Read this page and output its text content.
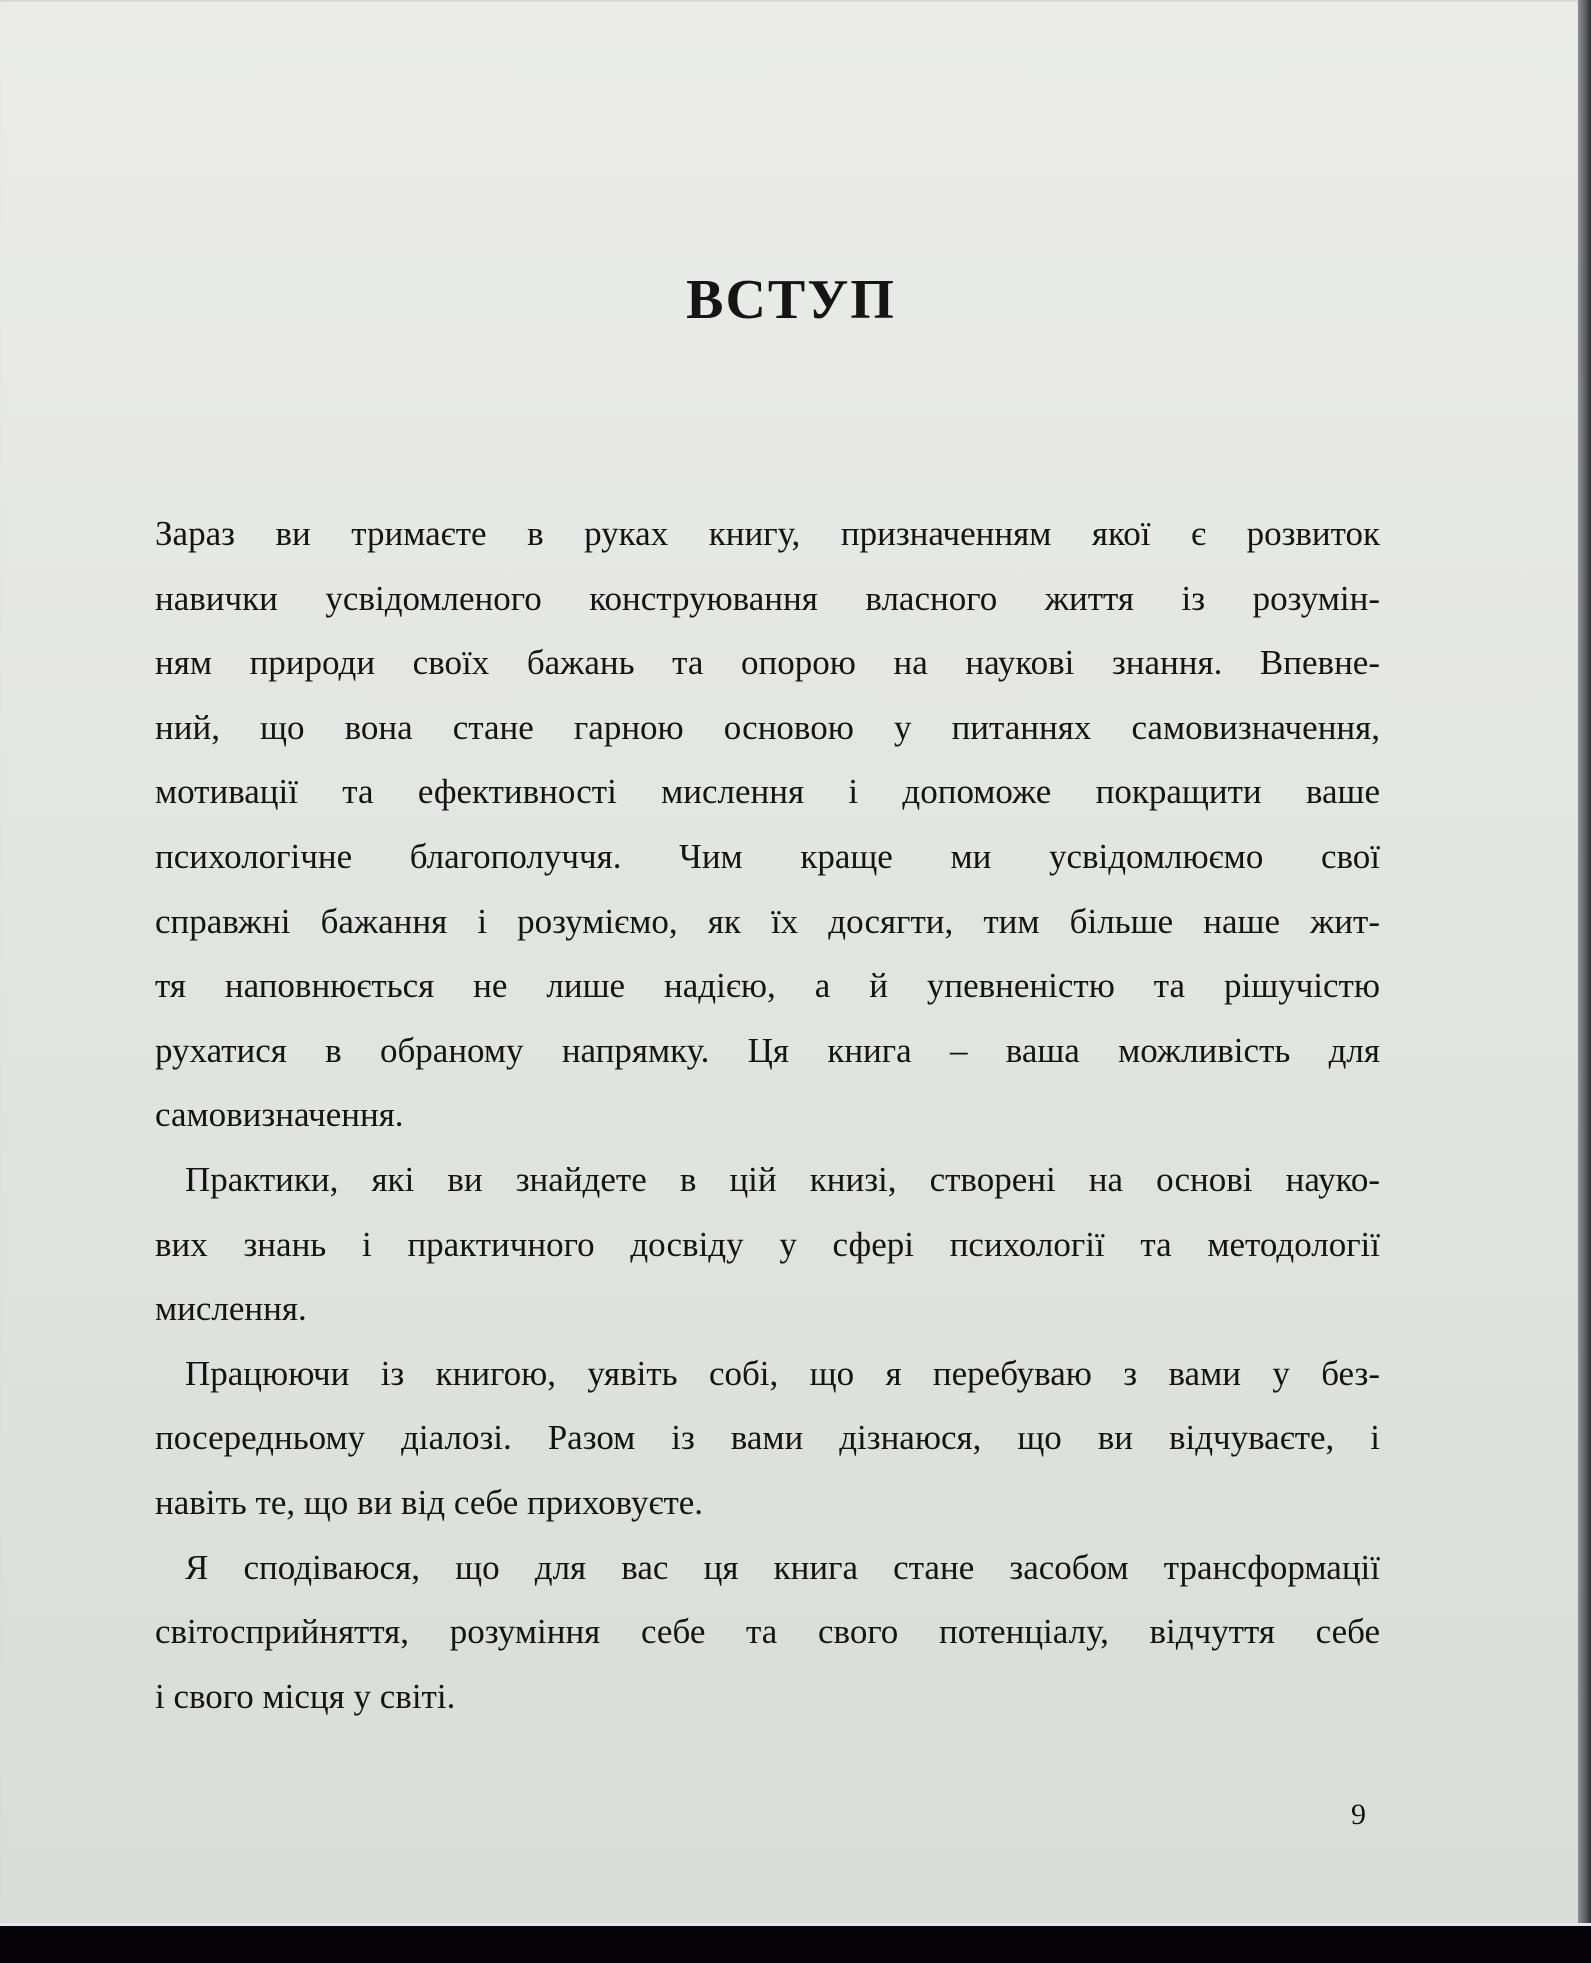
ВСТУП
Зараз ви тримаєте в руках книгу, призначенням якої є розвиток
навички усвідомленого конструювання власного життя із розумін-
ням природи своїх бажань та опорою на наукові знання. Впевне-
ний, що вона стане гарною основою у питаннях самовизначення,
мотивації та ефективності мислення і допоможе покращити ваше
психологічне благополуччя. Чим краще ми усвідомлюємо свої
справжні бажання і розуміємо, як їх досягти, тим більше наше жит-
тя наповнюється не лише надією, а й упевненістю та рішучістю
рухатися в обраному напрямку. Ця книга – ваша можливість для
самовизначення.
Практики, які ви знайдете в цій книзі, створені на основі науко-
вих знань і практичного досвіду у сфері психології та методології
мислення.
Працюючи із книгою, уявіть собі, що я перебуваю з вами у без-
посередньому діалозі. Разом із вами дізнаюся, що ви відчуваєте, і
навіть те, що ви від себе приховуєте.
Я сподіваюся, що для вас ця книга стане засобом трансформації
світосприйняття, розуміння себе та свого потенціалу, відчуття себе
і свого місця у світі.
9
